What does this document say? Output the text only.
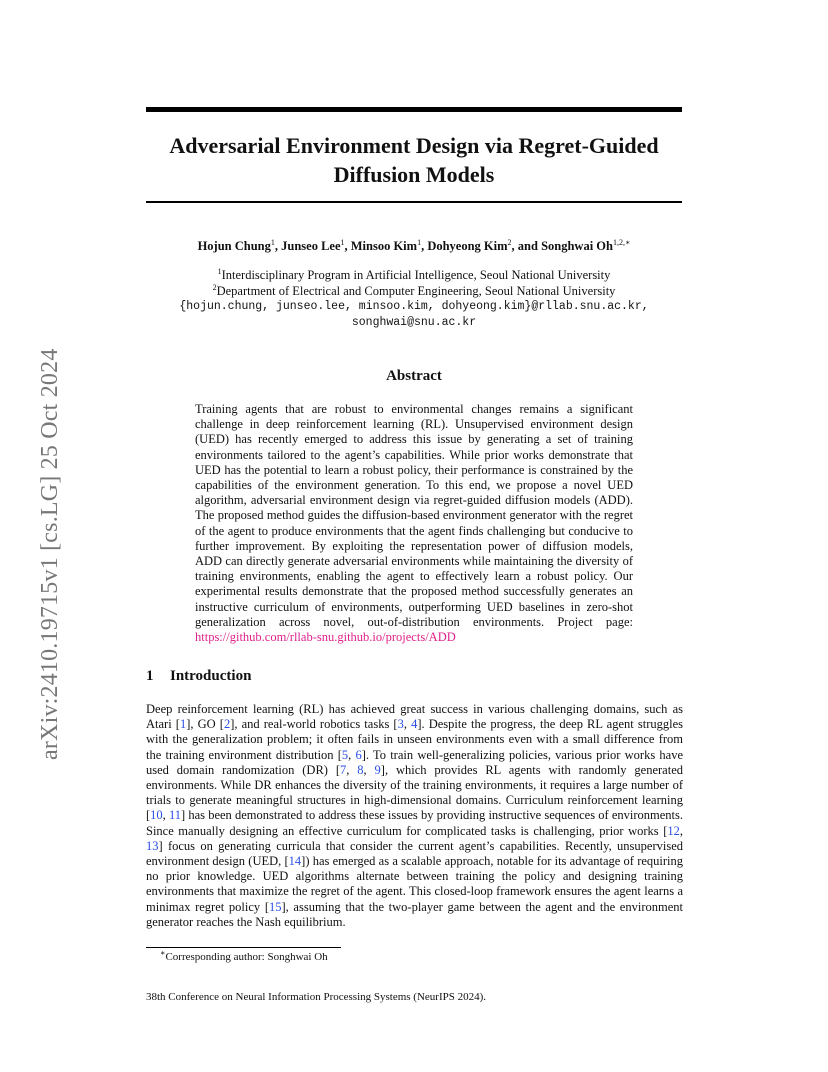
arXiv:2410.19715v1 [cs.LG] 25 Oct 2024
Adversarial Environment Design via Regret-Guided
Diffusion Models
Hojun Chung$^1$, Junseo Lee$^1$, Minsoo Kim$^1$, Dohyeong Kim$^2$, and Songhwai $Oh^{1,2,∗}$
$^1$Interdisciplinary Program in Artificial Intelligence, Seoul National University
$^2$Department of Electrical and Computer Engineering, Seoul National University
{hojun.chung, junseo.lee, minsoo.kim, dohyeong.kim}@rllab.snu.ac.kr,
songhwai@snu.ac.kr
Abstract
Training agents that are robust to environmental changes remains a significant challenge in deep reinforcement learning (RL). Unsupervised environment design (UED) has recently emerged to address this issue by generating a set of training environments tailored to the agent’s capabilities. While prior works demonstrate that UED has the potential to learn a robust policy, their performance is constrained by the capabilities of the environment generation. To this end, we propose a novel UED algorithm, adversarial environment design via regret-guided diffusion models (ADD). The proposed method guides the diffusion-based environment generator with the regret of the agent to produce environments that the agent finds challenging but conducive to further improvement. By exploiting the representation power of diffusion models, ADD can directly generate adversarial environments while maintaining the diversity of training environments, enabling the agent to effectively learn a robust policy. Our experimental results demonstrate that the proposed method successfully generates an instructive curriculum of environments, outperforming UED baselines in zero-shot generalization across novel, out-of-distribution environments. Project page: https://github.com/rllab-snu.github.io/projects/ADD
1 Introduction
Deep reinforcement learning (RL) has achieved great success in various challenging domains, such as Atari [1], GO [2], and real-world robotics tasks [3, 4]. Despite the progress, the deep RL agent struggles with the generalization problem; it often fails in unseen environments even with a small difference from the training environment distribution [5, 6]. To train well-generalizing policies, various prior works have used domain randomization (DR) [7, 8, 9], which provides RL agents with randomly generated environments. While DR enhances the diversity of the training environments, it requires a large number of trials to generate meaningful structures in high-dimensional domains. Curriculum reinforcement learning [10, 11] has been demonstrated to address these issues by providing instructive sequences of environments. Since manually designing an effective curriculum for complicated tasks is challenging, prior works [12, 13] focus on generating curricula that consider the current agent’s capabilities. Recently, unsupervised environment design (UED, [14]) has emerged as a scalable approach, notable for its advantage of requiring no prior knowledge. UED algorithms alternate between training the policy and designing training environments that maximize the regret of the agent. This closed-loop framework ensures the agent learns a minimax regret policy [15], assuming that the two-player game between the agent and the environment generator reaches the Nash equilibrium.
∗Corresponding author: Songhwai Oh
38th Conference on Neural Information Processing Systems (NeurIPS 2024).
